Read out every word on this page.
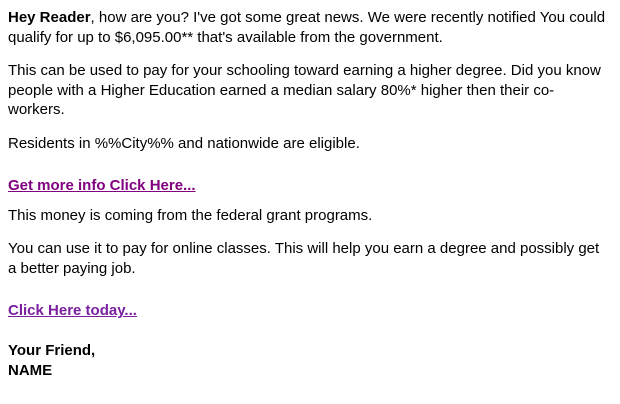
Hey Reader, how are you? I've got some great news. We were recently notified You could qualify for up to $6,095.00** that's available from the government.

This can be used to pay for your schooling toward earning a higher degree. Did you know people with a Higher Education earned a median salary 80%* higher then their co-workers.

Residents in %%City%% and nationwide are eligible.

Get more info Click Here...

This money is coming from the federal grant programs.

You can use it to pay for online classes. This will help you earn a degree and possibly get a better paying job.

Click Here today...

Your Friend,
NAME
